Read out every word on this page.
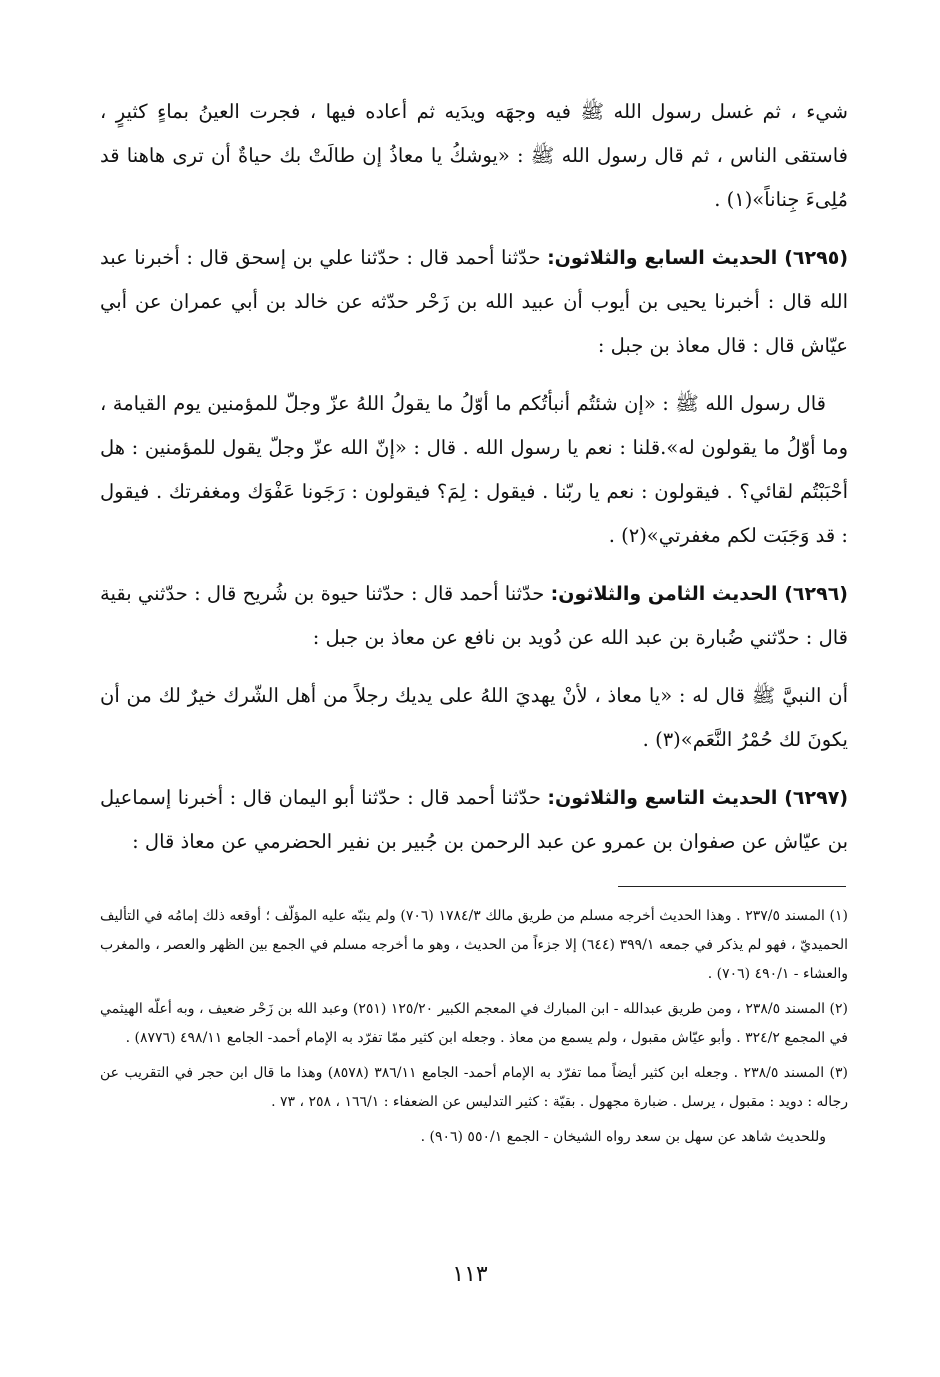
شيء ، ثم غسل رسول الله ﷺ فيه وجهَه ويدَيه ثم أعاده فيها ، فجرت العينُ بماءٍ كثيرٍ ، فاستقى الناس ، ثم قال رسول الله ﷺ : «يوشكُ يا معاذُ إن طالَتْ بك حياةٌ أن ترى هاهنا قد مُلِىءَ جِناناً»(١) .

(٦٢٩٥) الحديث السابع والثلاثون: حدّثنا أحمد قال : حدّثنا علي بن إسحق قال : أخبرنا عبد الله قال : أخبرنا يحيى بن أيوب أن عبيد الله بن زَحْر حدّثه عن خالد بن أبي عمران عن أبي عيّاش قال : قال معاذ بن جبل :

قال رسول الله ﷺ : «إن شئتُم أنبأتُكم ما أوّلُ ما يقولُ اللهُ عزّ وجلّ للمؤمنين يوم القيامة ، وما أوّلُ ما يقولون له».قلنا : نعم يا رسول الله . قال : «إنّ الله عزّ وجلّ يقول للمؤمنين : هل أحْبَبْتُم لقائي؟ . فيقولون : نعم يا ربّنا . فيقول : لِمَ؟ فيقولون : رَجَونا عَفْوَك ومغفرتك . فيقول : قد وَجَبَت لكم مغفرتي»(٢) .

(٦٢٩٦) الحديث الثامن والثلاثون: حدّثنا أحمد قال : حدّثنا حيوة بن شُريح قال : حدّثني بقية قال : حدّثني ضُبارة بن عبد الله عن دُويد بن نافع عن معاذ بن جبل :

أن النبيَّ ﷺ قال له : «يا معاذ ، لأنْ يهديَ اللهُ على يديك رجلاً من أهل الشّرك خيرٌ لك من أن يكونَ لك حُمْرُ النَّعَم»(٣) .

(٦٢٩٧) الحديث التاسع والثلاثون: حدّثنا أحمد قال : حدّثنا أبو اليمان قال : أخبرنا إسماعيل بن عيّاش عن صفوان بن عمرو عن عبد الرحمن بن جُبير بن نفير الحضرمي عن معاذ قال :

(١) المسند ٢٣٧/٥ . وهذا الحديث أخرجه مسلم من طريق مالك ١٧٨٤/٣ (٧٠٦) ولم ينبّه عليه المؤلّف ؛ أوقعه ذلك إمامُه في التأليف الحميديّ ، فهو لم يذكر في جمعه ٣٩٩/١ (٦٤٤) إلا جزءاً من الحديث ، وهو ما أخرجه مسلم في الجمع بين الظهر والعصر ، والمغرب والعشاء - ٤٩٠/١ (٧٠٦) .

(٢) المسند ٢٣٨/٥ ، ومن طريق عبدالله - ابن المبارك في المعجم الكبير ١٢٥/٢٠ (٢٥١) وعبد الله بن زَحْر ضعيف ، وبه أعلّه الهيثمي في المجمع ٣٢٤/٢ . وأبو عيّاش مقبول ، ولم يسمع من معاذ . وجعله ابن كثير ممّا تفرّد به الإمام أحمد- الجامع ٤٩٨/١١ (٨٧٧٦) .

(٣) المسند ٢٣٨/٥ . وجعله ابن كثير أيضاً مما تفرّد به الإمام أحمد- الجامع ٣٨٦/١١ (٨٥٧٨) وهذا ما قال ابن حجر في التقريب عن رجاله : دويد : مقبول ، يرسل . ضبارة مجهول . بقيّة : كثير التدليس عن الضعفاء : ١٦٦/١ ، ٢٥٨ ، ٧٣ .

وللحديث شاهد عن سهل بن سعد رواه الشيخان - الجمع ٥٥٠/١ (٩٠٦) .

١١٣
